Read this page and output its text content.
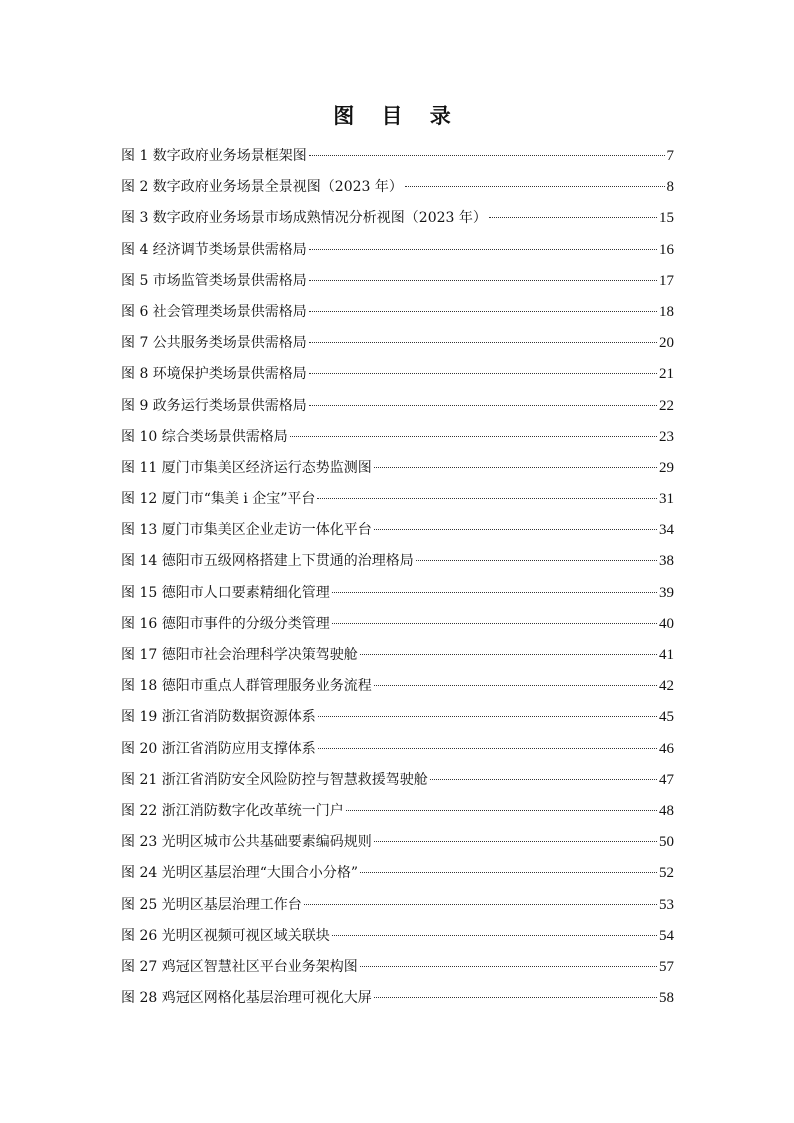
图 目 录
图 1 数字政府业务场景框架图	7
图 2 数字政府业务场景全景视图（2023 年）	8
图 3 数字政府业务场景市场成熟情况分析视图（2023 年）	15
图 4 经济调节类场景供需格局	16
图 5 市场监管类场景供需格局	17
图 6 社会管理类场景供需格局	18
图 7 公共服务类场景供需格局	20
图 8 环境保护类场景供需格局	21
图 9 政务运行类场景供需格局	22
图 10 综合类场景供需格局	23
图 11 厦门市集美区经济运行态势监测图	29
图 12 厦门市“集美 i 企宝”平台	31
图 13 厦门市集美区企业走访一体化平台	34
图 14 德阳市五级网格搭建上下贯通的治理格局	38
图 15 德阳市人口要素精细化管理	39
图 16 德阳市事件的分级分类管理	40
图 17 德阳市社会治理科学决策驾驶舱	41
图 18 德阳市重点人群管理服务业务流程	42
图 19 浙江省消防数据资源体系	45
图 20 浙江省消防应用支撑体系	46
图 21 浙江省消防安全风险防控与智慧救援驾驶舱	47
图 22 浙江消防数字化改革统一门户	48
图 23 光明区城市公共基础要素编码规则	50
图 24 光明区基层治理“大围合小分格”	52
图 25 光明区基层治理工作台	53
图 26 光明区视频可视区域关联块	54
图 27 鸡冠区智慧社区平台业务架构图	57
图 28 鸡冠区网格化基层治理可视化大屏	58
